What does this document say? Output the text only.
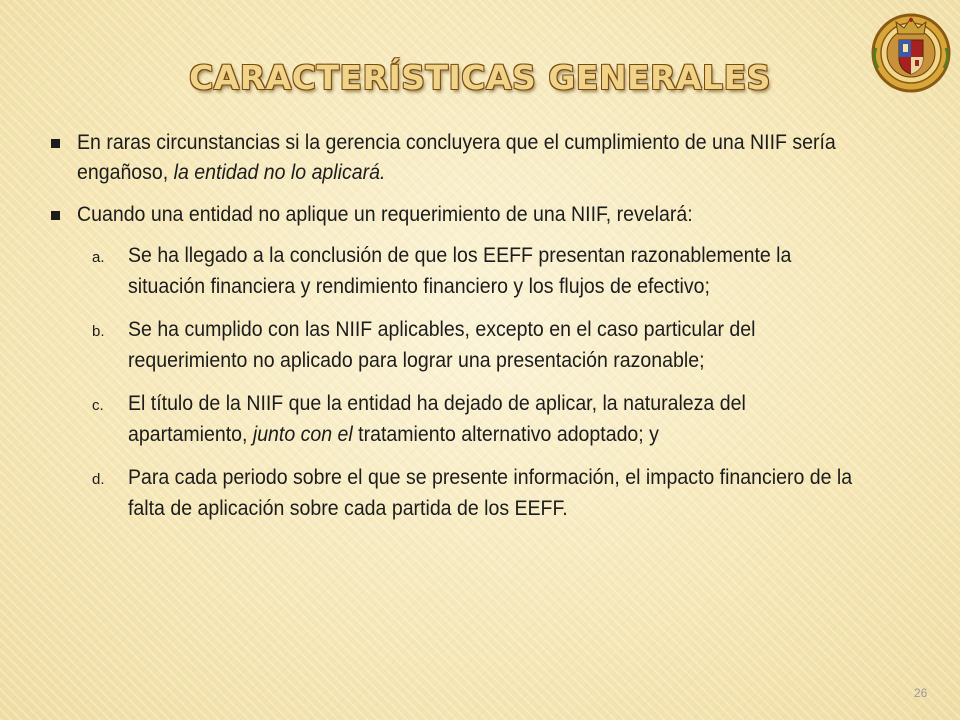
CARACTERÍSTICAS GENERALES
En raras circunstancias si la gerencia concluyera que el cumplimiento de una NIIF sería engañoso, la entidad no lo aplicará.
Cuando una entidad no aplique un requerimiento de una NIIF, revelará:
a.	Se ha llegado a la conclusión de que los EEFF presentan razonablemente la situación financiera y rendimiento financiero y los flujos de efectivo;
b.	Se ha cumplido con las NIIF aplicables, excepto en el caso particular del requerimiento no aplicado para lograr una presentación razonable;
c.	El título de la NIIF que la entidad ha dejado de aplicar, la naturaleza del apartamiento, junto con el tratamiento alternativo adoptado; y
d.	Para cada periodo sobre el que se presente información, el impacto financiero de la falta de aplicación sobre cada partida de los EEFF.
26
